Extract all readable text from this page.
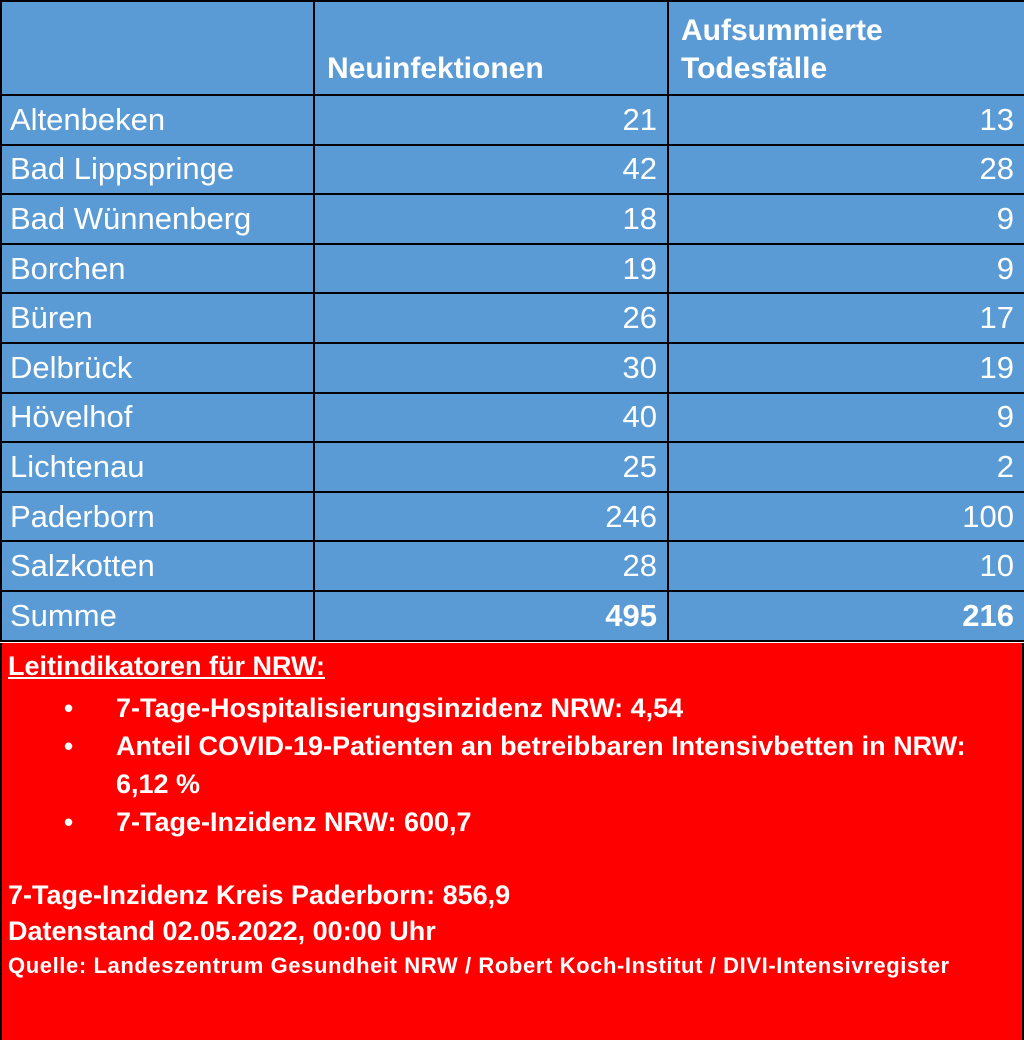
	Neuinfektionen	Aufsummierte Todesfälle
Altenbeken	21	13
Bad Lippspringe	42	28
Bad Wünnenberg	18	9
Borchen	19	9
Büren	26	17
Delbrück	30	19
Hövelhof	40	9
Lichtenau	25	2
Paderborn	246	100
Salzkotten	28	10
Summe	495	216
Leitindikatoren für NRW:
• 7-Tage-Hospitalisierungsinzidenz NRW: 4,54
• Anteil COVID-19-Patienten an betreibbaren Intensivbetten in NRW: 6,12 %
• 7-Tage-Inzidenz NRW: 600,7
7-Tage-Inzidenz Kreis Paderborn: 856,9
Datenstand 02.05.2022, 00:00 Uhr
Quelle: Landeszentrum Gesundheit NRW / Robert Koch-Institut / DIVI-Intensivregister
